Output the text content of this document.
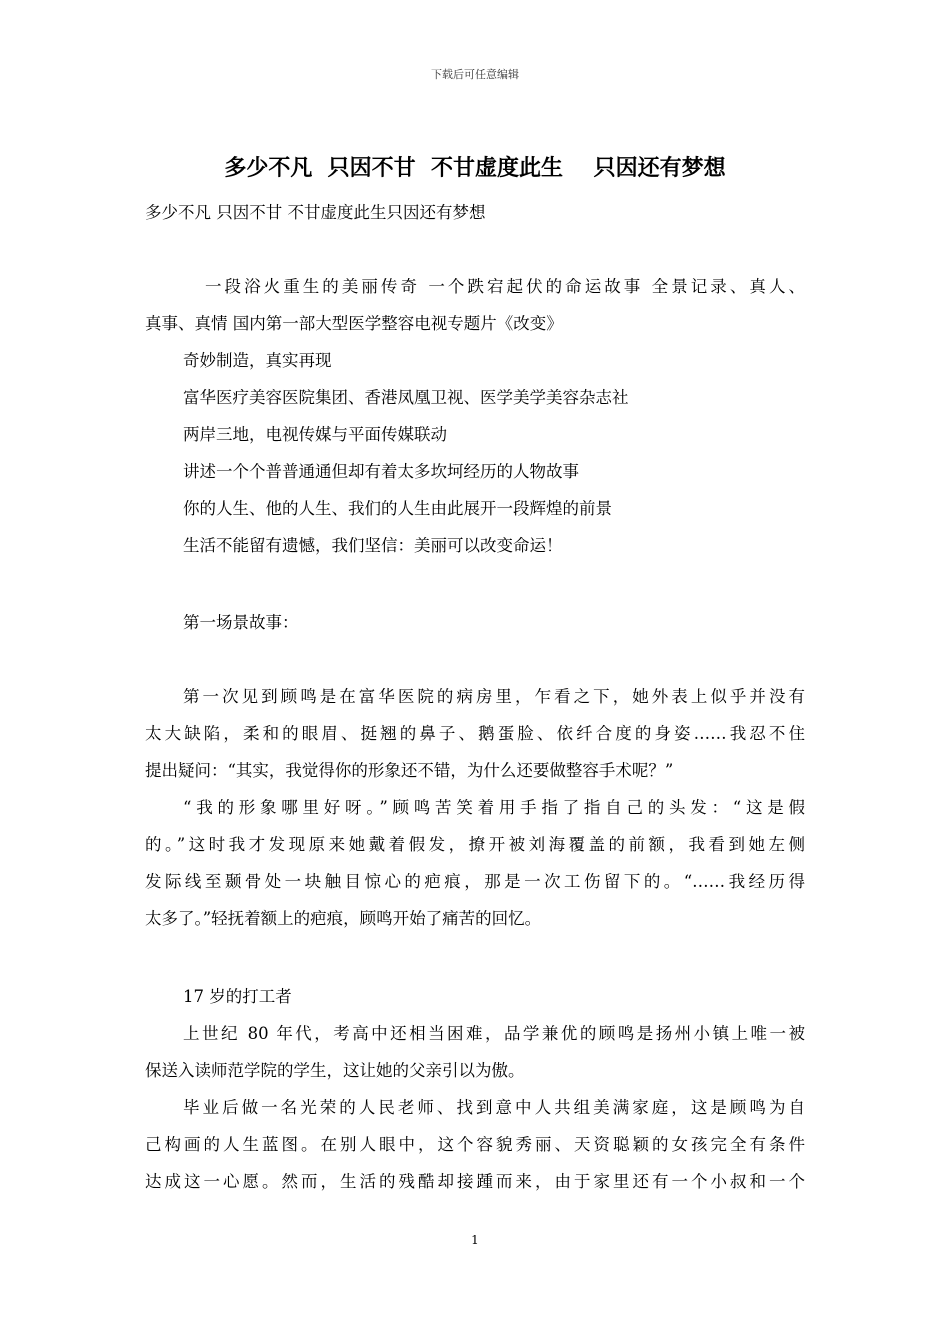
下载后可任意编辑
多少不凡  只因不甘  不甘虚度此生    只因还有梦想
多少不凡 只因不甘 不甘虚度此生只因还有梦想
一段浴火重生的美丽传奇 一个跌宕起伏的命运故事 全景记录、真人、
真事、真情 国内第一部大型医学整容电视专题片《改变》
奇妙制造，真实再现
富华医疗美容医院集团、香港凤凰卫视、医学美学美容杂志社
两岸三地，电视传媒与平面传媒联动
讲述一个个普普通通但却有着太多坎坷经历的人物故事
你的人生、他的人生、我们的人生由此展开一段辉煌的前景
生活不能留有遗憾，我们坚信：美丽可以改变命运！
第一场景故事：
第一次见到顾鸣是在富华医院的病房里，乍看之下，她外表上似乎并没有
太大缺陷，柔和的眼眉、挺翘的鼻子、鹅蛋脸、依纤合度的身姿……我忍不住
提出疑问：“其实，我觉得你的形象还不错，为什么还要做整容手术呢？”
“我的形象哪里好呀。”顾鸣苦笑着用手指了指自己的头发：“这是假
的。”这时我才发现原来她戴着假发，撩开被刘海覆盖的前额，我看到她左侧
发际线至颞骨处一块触目惊心的疤痕，那是一次工伤留下的。“……我经历得
太多了。”轻抚着额上的疤痕，顾鸣开始了痛苦的回忆。
17 岁的打工者
上世纪 80 年代，考高中还相当困难，品学兼优的顾鸣是扬州小镇上唯一被
保送入读师范学院的学生，这让她的父亲引以为傲。
毕业后做一名光荣的人民老师、找到意中人共组美满家庭，这是顾鸣为自
己构画的人生蓝图。在别人眼中，这个容貌秀丽、天资聪颖的女孩完全有条件
达成这一心愿。然而，生活的残酷却接踵而来，由于家里还有一个小叔和一个
1
